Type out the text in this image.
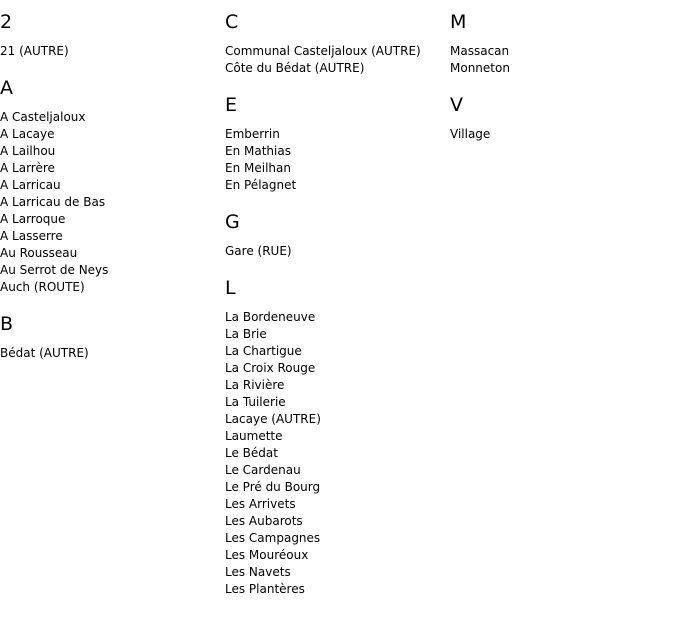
2
21 (AUTRE)
A
A Casteljaloux
A Lacaye
A Lailhou
A Larrère
A Larricau
A Larricau de Bas
A Larroque
A Lasserre
Au Rousseau
Au Serrot de Neys
Auch (ROUTE)
B
Bédat (AUTRE)
C
Communal Casteljaloux (AUTRE)
Côte du Bédat (AUTRE)
E
Emberrin
En Mathias
En Meilhan
En Pélagnet
G
Gare (RUE)
L
La Bordeneuve
La Brie
La Chartigue
La Croix Rouge
La Rivière
La Tuilerie
Lacaye (AUTRE)
Laumette
Le Bédat
Le Cardenau
Le Pré du Bourg
Les Arrivets
Les Aubarots
Les Campagnes
Les Mouréoux
Les Navets
Les Plantères
M
Massacan
Monneton
V
Village
